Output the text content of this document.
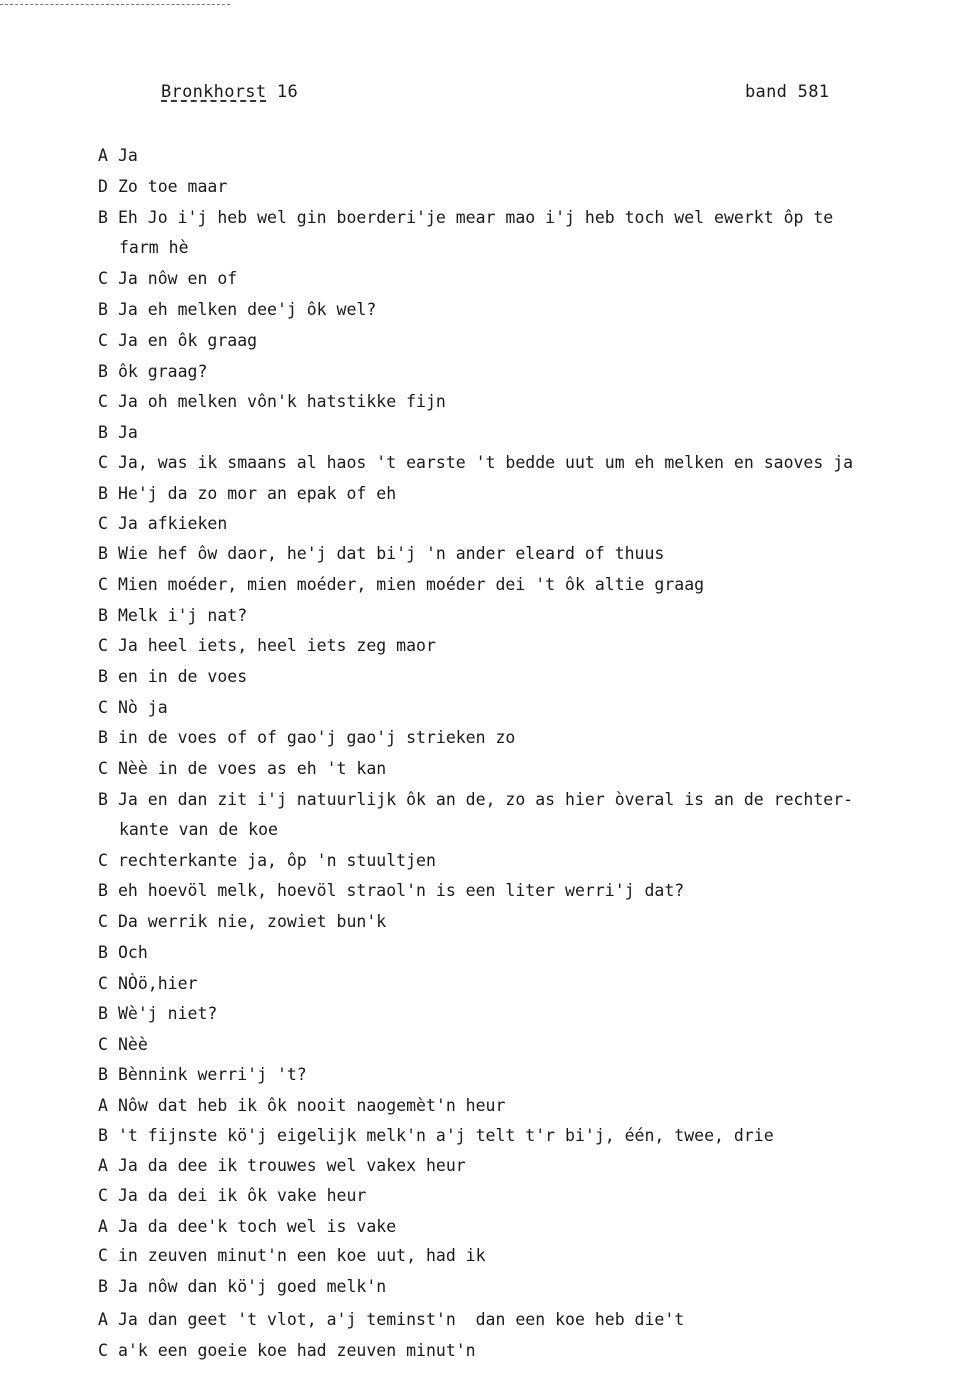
Bronkhorst 16	band 581
A Ja
D Zo toe maar
B Eh Jo i'j heb wel gin boerderi'je mear mao i'j heb toch wel ewerkt ôp te
farm hè
C Ja nôw en of
B Ja eh melken dee'j ôk wel?
C Ja en ôk graag
B ôk graag?
C Ja oh melken vôn'k hatstikke fijn
B Ja
C Ja, was ik smaans al haos 't earste 't bedde uut um eh melken en saoves ja
B He'j da zo mor an epak of eh
C Ja afkieken
B Wie hef ôw daor, he'j dat bi'j 'n ander eleard of thuus
C Mien moéder, mien moéder, mien moéder dei 't ôk altie graag
B Melk i'j nat?
C Ja heel iets, heel iets zeg maor
B en in de voes
C Nò ja
B in de voes of of gao'j gao'j strieken zo
C Nèè in de voes as eh 't kan
B Ja en dan zit i'j natuurlijk ôk an de, zo as hier òveral is an de rechter-
kante van de koe
C rechterkante ja, ôp 'n stuultjen
B eh hoevöl melk, hoevöl straol'n is een liter werri'j dat?
C Da werrik nie, zowiet bun'k
B Och
C NÒö,hier
B Wè'j niet?
C Nèè
B Bènnink werri'j 't?
A Nôw dat heb ik ôk nooit naogemèt'n heur
B 't fijnste kö'j eigelijk melk'n a'j telt t'r bi'j, één, twee, drie
A Ja da dee ik trouwes wel vakex heur
C Ja da dei ik ôk vake heur
A Ja da dee'k toch wel is vake
C in zeuven minut'n een koe uut, had ik
B Ja nôw dan kö'j goed melk'n
A Ja dan geet 't vlot, a'j teminst'n  dan een koe heb die't
C a'k een goeie koe had zeuven minut'n
